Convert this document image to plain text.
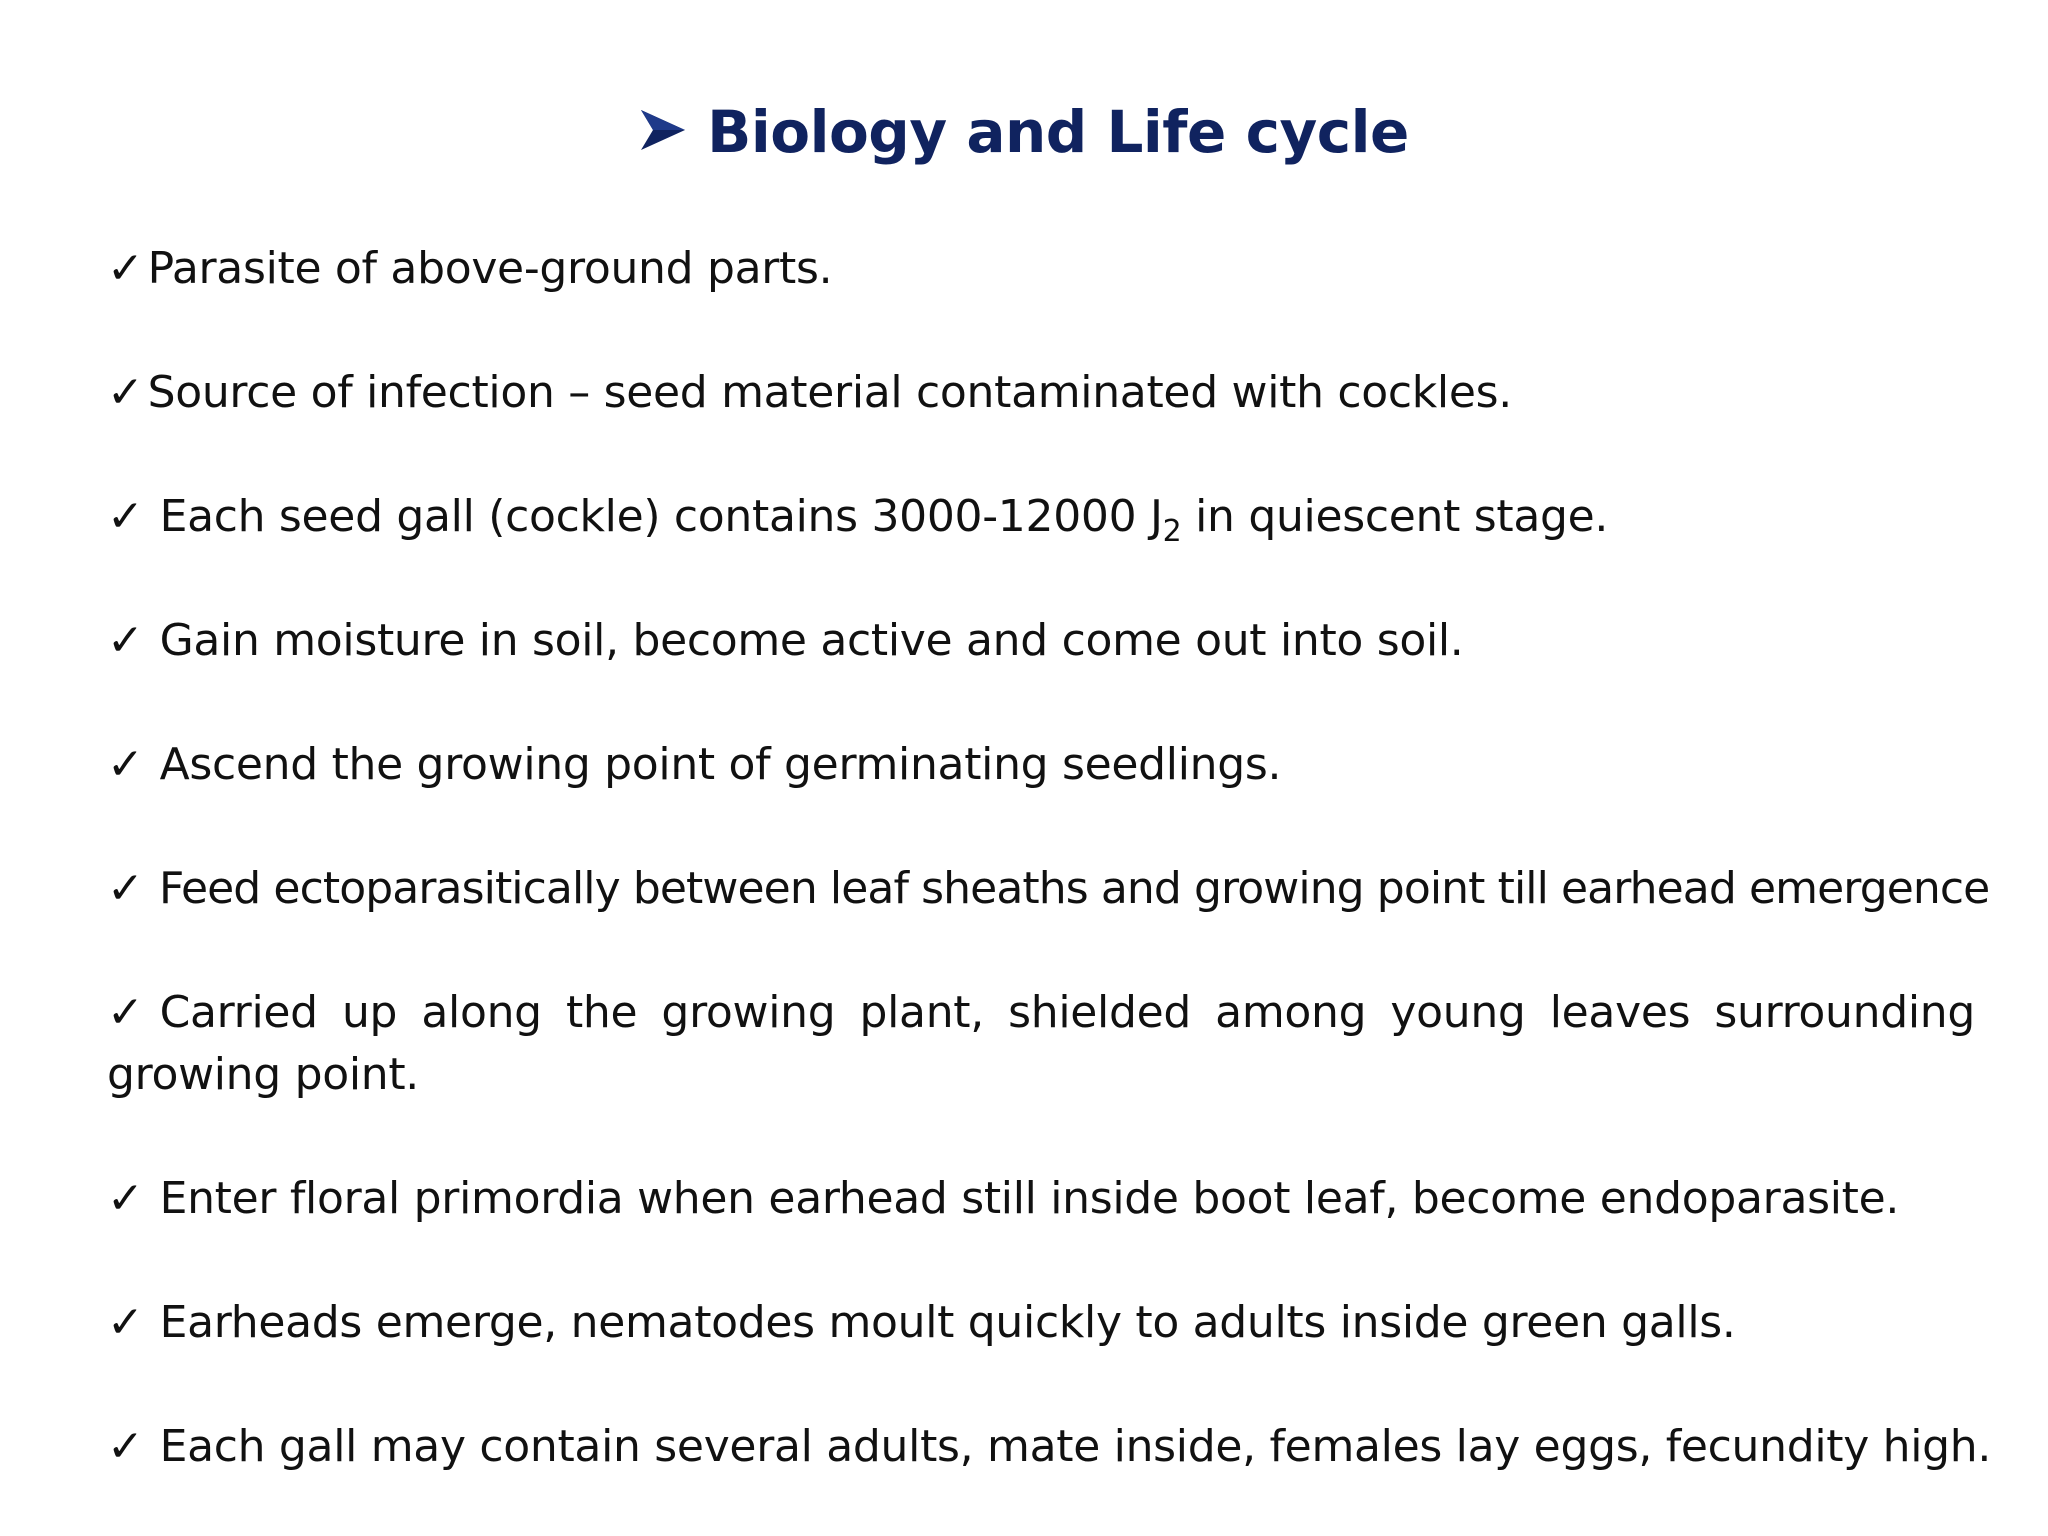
Biology and Life cycle
✓Parasite of above-ground parts.
✓Source of infection – seed material contaminated with cockles.
✓ Each seed gall (cockle) contains 3000-12000 $J_2$ in quiescent stage.
✓ Gain moisture in soil, become active and come out into soil.
✓ Ascend the growing point of germinating seedlings.
✓ Feed ectoparasitically between leaf sheaths and growing point till earhead emergence
✓ Carried up along the growing plant, shielded among young leaves surrounding growing point.
✓ Enter floral primordia when earhead still inside boot leaf, become endoparasite.
✓ Earheads emerge, nematodes moult quickly to adults inside green galls.
✓ Each gall may contain several adults, mate inside, females lay eggs, fecundity high.
